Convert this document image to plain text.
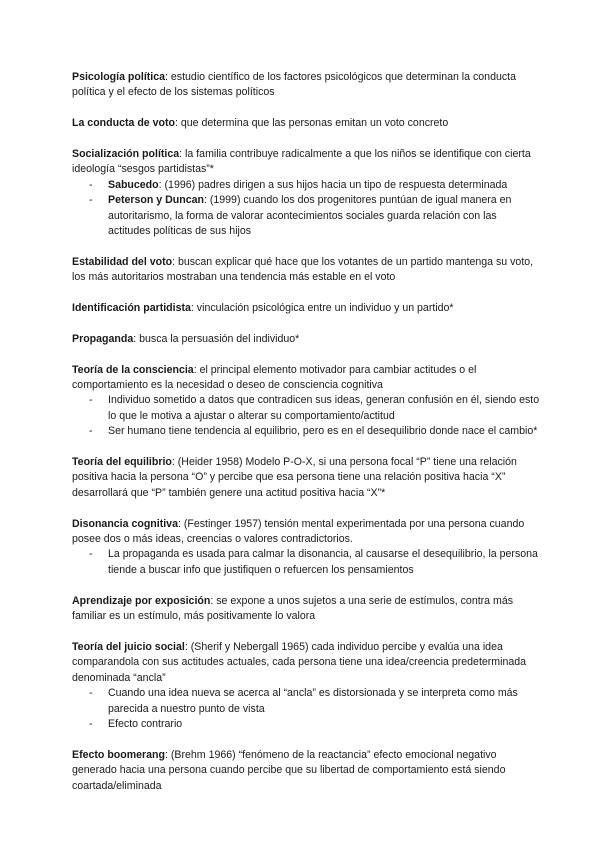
Psicología política: estudio científico de los factores psicológicos que determinan la conducta política y el efecto de los sistemas políticos

La conducta de voto: que determina que las personas emitan un voto concreto

Socialización política: la familia contribuye radicalmente a que los niños se identifique con cierta ideología “sesgos partidistas”*

- Sabucedo: (1996) padres dirigen a sus hijos hacia un tipo de respuesta determinada
- Peterson y Duncan: (1999) cuando los dos progenitores puntúan de igual manera en autoritarismo, la forma de valorar acontecimientos sociales guarda relación con las actitudes políticas de sus hijos

Estabilidad del voto: buscan explicar qué hace que los votantes de un partido mantenga su voto, los más autoritarios mostraban una tendencia más estable en el voto

Identificación partidista: vinculación psicológica entre un individuo y un partido*

Propaganda: busca la persuasión del individuo*

Teoría de la consciencia: el principal elemento motivador para cambiar actitudes o el comportamiento es la necesidad o deseo de consciencia cognitiva

- Individuo sometido a datos que contradicen sus ideas, generan confusión en él, siendo esto lo que le motiva a ajustar o alterar su comportamiento/actitud
- Ser humano tiene tendencia al equilibrio, pero es en el desequilibrio donde nace el cambio*

Teoría del equilibrio: (Heider 1958) Modelo P-O-X, si una persona focal “P” tiene una relación positiva hacia la persona “O” y percibe que esa persona tiene una relación positiva hacia “X” desarrollará que “P” también genere una actitud positiva hacia “X”*

Disonancia cognitiva: (Festinger 1957) tensión mental experimentada por una persona cuando posee dos o más ideas, creencias o valores contradictorios.

- La propaganda es usada para calmar la disonancia, al causarse el desequilibrio, la persona tiende a buscar info que justifiquen o refuercen los pensamientos

Aprendizaje por exposición: se expone a unos sujetos a una serie de estímulos, contra más familiar es un estímulo, más positivamente lo valora

Teoría del juicio social: (Sherif y Nebergall 1965) cada individuo percibe y evalúa una idea comparandola con sus actitudes actuales, cada persona tiene una idea/creencia predeterminada denominada “ancla”

- Cuando una idea nueva se acerca al “ancla” es distorsionada y se interpreta como más parecida a nuestro punto de vista
- Efecto contrario

Efecto boomerang: (Brehm 1966) “fenómeno de la reactancia” efecto emocional negativo generado hacia una persona cuando percibe que su libertad de comportamiento está siendo coartada/eliminada
